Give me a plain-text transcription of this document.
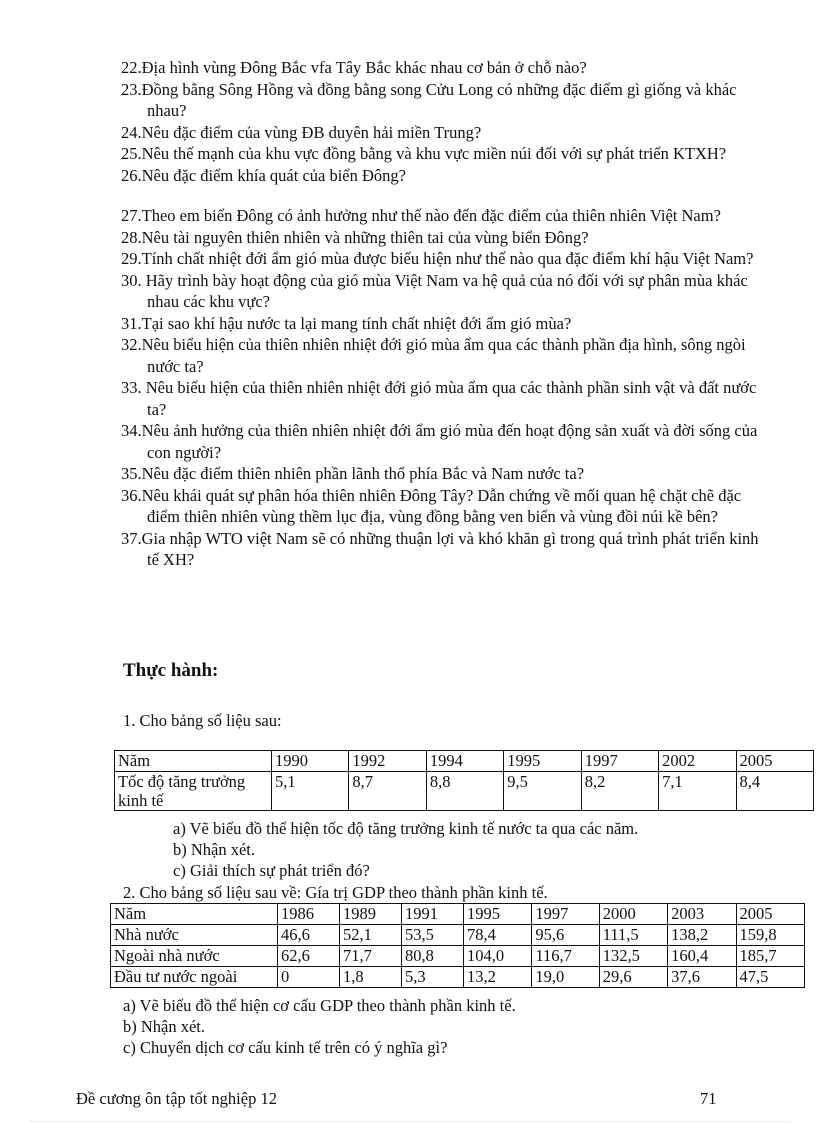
22.Địa hình vùng Đông Bắc vfa Tây Bắc khác nhau cơ bản ở chỗ nào?
23.Đồng bằng Sông Hồng và đồng bằng song Cửu Long có những đặc điểm gì giống và khác nhau?
24.Nêu đặc điểm của vùng ĐB duyên hải miền Trung?
25.Nêu thế mạnh của khu vực đồng bằng và khu vực miền núi đối với sự phát triển KTXH?
26.Nêu đặc điểm khía quát của biển Đông?
27.Theo em biển Đông có ảnh hưởng như thế nào đến đặc điểm của thiên nhiên Việt Nam?
28.Nêu tài nguyên thiên nhiên và những thiên tai của vùng biển Đông?
29.Tính chất nhiệt đới ẩm gió mùa được biểu hiện như thế nào qua đặc điểm khí hậu Việt Nam?
30. Hãy trình bày hoạt động của gió mùa Việt Nam va hệ quả của nó đối với sự phân mùa khác nhau các khu vực?
31.Tại sao khí hậu nước ta lại mang tính chất nhiệt đới ẩm gió mùa?
32.Nêu biểu hiện của thiên nhiên nhiệt đới gió mùa ẩm qua các thành phần địa hình, sông ngòi nước ta?
33. Nêu biểu hiện của thiên nhiên nhiệt đới gió mùa ẩm qua các thành phần sinh vật và đất nước ta?
34.Nêu ảnh hưởng của thiên nhiên nhiệt đới ẩm gió mùa đến hoạt động sản xuất và đời sống của con người?
35.Nêu đặc điểm thiên nhiên phần lãnh thổ phía Bắc và Nam nước ta?
36.Nêu khái quát sự phân hóa thiên nhiên Đông Tây? Dẫn chứng về mối quan hệ chặt chẽ đặc điểm thiên nhiên vùng thềm lục địa, vùng đồng bằng ven biển và vùng đồi núi kề bên?
37.Gia nhập WTO việt Nam sẽ có những thuận lợi và khó khăn gì trong quá trình phát triển kinh tế XH?
Thực hành:

1. Cho bảng số liệu sau:

Năm	1990	1992	1994	1995	1997	2002	2005
Tốc độ tăng trưởng kinh tế	5,1	8,7	8,8	9,5	8,2	7,1	8,4
a) Vẽ biểu đồ thể hiện tốc độ tăng trưởng kinh tế nước ta qua các năm.
b) Nhận xét.
c) Giải thích sự phát triển đó?

2. Cho bảng số liệu sau về: Gía trị GDP theo thành phần kinh tế.

Năm	1986	1989	1991	1995	1997	2000	2003	2005
Nhà nước	46,6	52,1	53,5	78,4	95,6	111,5	138,2	159,8
Ngoài nhà nước	62,6	71,7	80,8	104,0	116,7	132,5	160,4	185,7
Đầu tư nước ngoài	0	1,8	5,3	13,2	19,0	29,6	37,6	47,5
a) Vẽ biểu đồ thể hiện cơ cấu GDP theo thành phần kinh tế.
b) Nhận xét.
c) Chuyển dịch cơ cấu kinh tế trên có ý nghĩa gì?
Đề cương ôn tập tốt nghiệp 12	71
